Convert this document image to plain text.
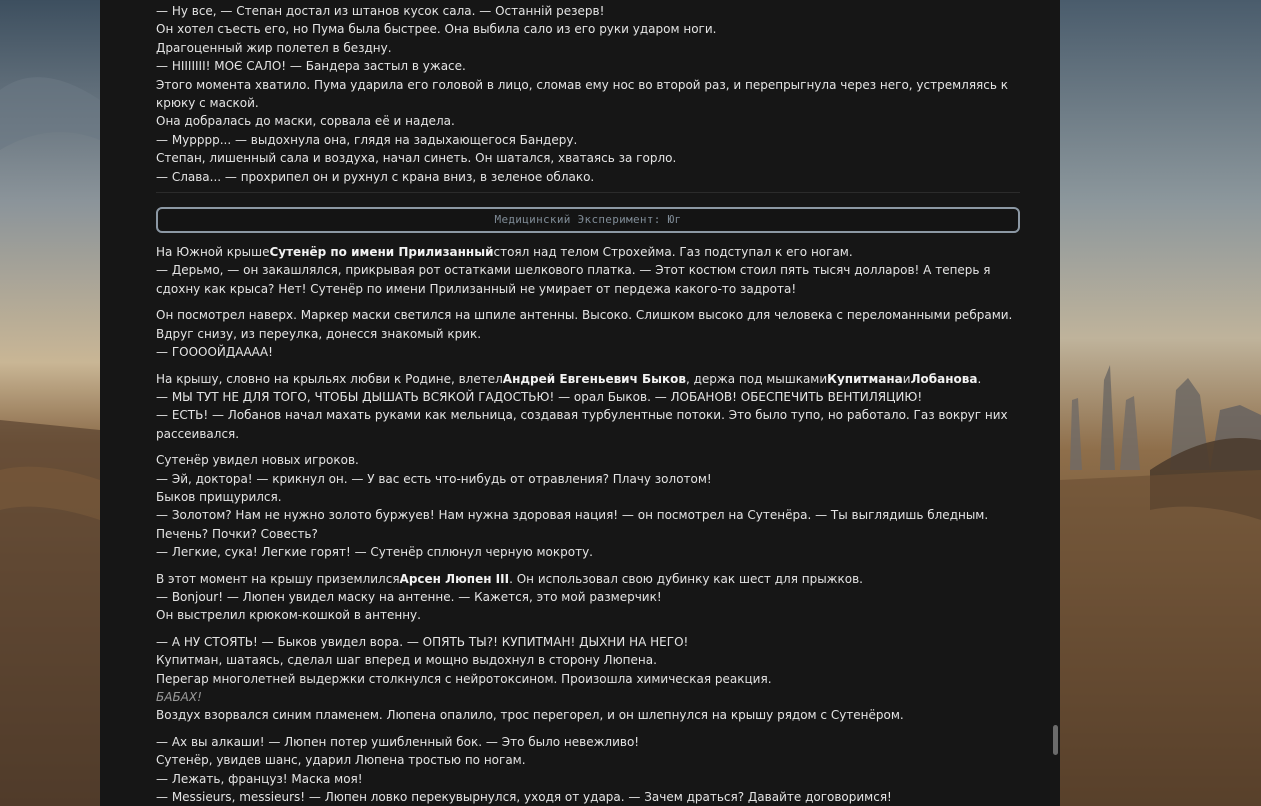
— Ну все, — Степан достал из штанов кусок сала. — Останній резерв!

Он хотел съесть его, но Пума была быстрее. Она выбила сало из его руки ударом ноги.

Драгоценный жир полетел в бездну.

— НІІІІІІІ! МОЄ САЛО! — Бандера застыл в ужасе.

Этого момента хватило. Пума ударила его головой в лицо, сломав ему нос во второй раз, и перепрыгнула через него, устремляясь к крюку с маской.

Она добралась до маски, сорвала её и надела.

— Мурррр... — выдохнула она, глядя на задыхающегося Бандеру.

Степан, лишенный сала и воздуха, начал синеть. Он шатался, хватаясь за горло.

— Слава... — прохрипел он и рухнул с крана вниз, в зеленое облако.

Медицинский Эксперимент: Юг

На Южной крышеСутенёр по имени Прилизанныйстоял над телом Строхейма. Газ подступал к его ногам.

— Дерьмо, — он закашлялся, прикрывая рот остатками шелкового платка. — Этот костюм стоил пять тысяч долларов! А теперь я сдохну как крыса? Нет! Сутенёр по имени Прилизанный не умирает от пердежа какого-то задрота!

Он посмотрел наверх. Маркер маски светился на шпиле антенны. Высоко. Слишком высоко для человека с переломанными ребрами.

Вдруг снизу, из переулка, донесся знакомый крик.

— ГОООOЙДАААА!

На крышу, словно на крыльях любви к Родине, влетелАндрей Евгеньевич Быков, держа под мышкамиКупитманаиЛобанова.

— МЫ ТУТ НЕ ДЛЯ ТОГО, ЧТОБЫ ДЫШАТЬ ВСЯКОЙ ГАДОСТЬЮ! — орал Быков. — ЛОБАНОВ! ОБЕСПЕЧИТЬ ВЕНТИЛЯЦИЮ!

— ЕСТЬ! — Лобанов начал махать руками как мельница, создавая турбулентные потоки. Это было тупо, но работало. Газ вокруг них рассеивался.

Сутенёр увидел новых игроков.

— Эй, доктора! — крикнул он. — У вас есть что-нибудь от отравления? Плачу золотом!

Быков прищурился.

— Золотом? Нам не нужно золото буржуев! Нам нужна здоровая нация! — он посмотрел на Сутенёра. — Ты выглядишь бледным. Печень? Почки? Совесть?

— Легкие, сука! Легкие горят! — Сутенёр сплюнул черную мокроту.

В этот момент на крышу приземлилсяАрсен Люпен III. Он использовал свою дубинку как шест для прыжков.

— Bonjour! — Люпен увидел маску на антенне. — Кажется, это мой размерчик!

Он выстрелил крюком-кошкой в антенну.

— А НУ СТОЯТЬ! — Быков увидел вора. — ОПЯТЬ ТЫ?! КУПИТМАН! ДЫХНИ НА НЕГО!

Купитман, шатаясь, сделал шаг вперед и мощно выдохнул в сторону Люпена.

Перегар многолетней выдержки столкнулся с нейротоксином. Произошла химическая реакция.

БАБАХ!

Воздух взорвался синим пламенем. Люпена опалило, трос перегорел, и он шлепнулся на крышу рядом с Сутенёром.

— Ах вы алкаши! — Люпен потер ушибленный бок. — Это было невежливо!

Сутенёр, увидев шанс, ударил Люпена тростью по ногам.

— Лежать, француз! Маска моя!

— Messieurs, messieurs! — Люпен ловко перекувырнулся, уходя от удара. — Зачем драться? Давайте договоримся!
